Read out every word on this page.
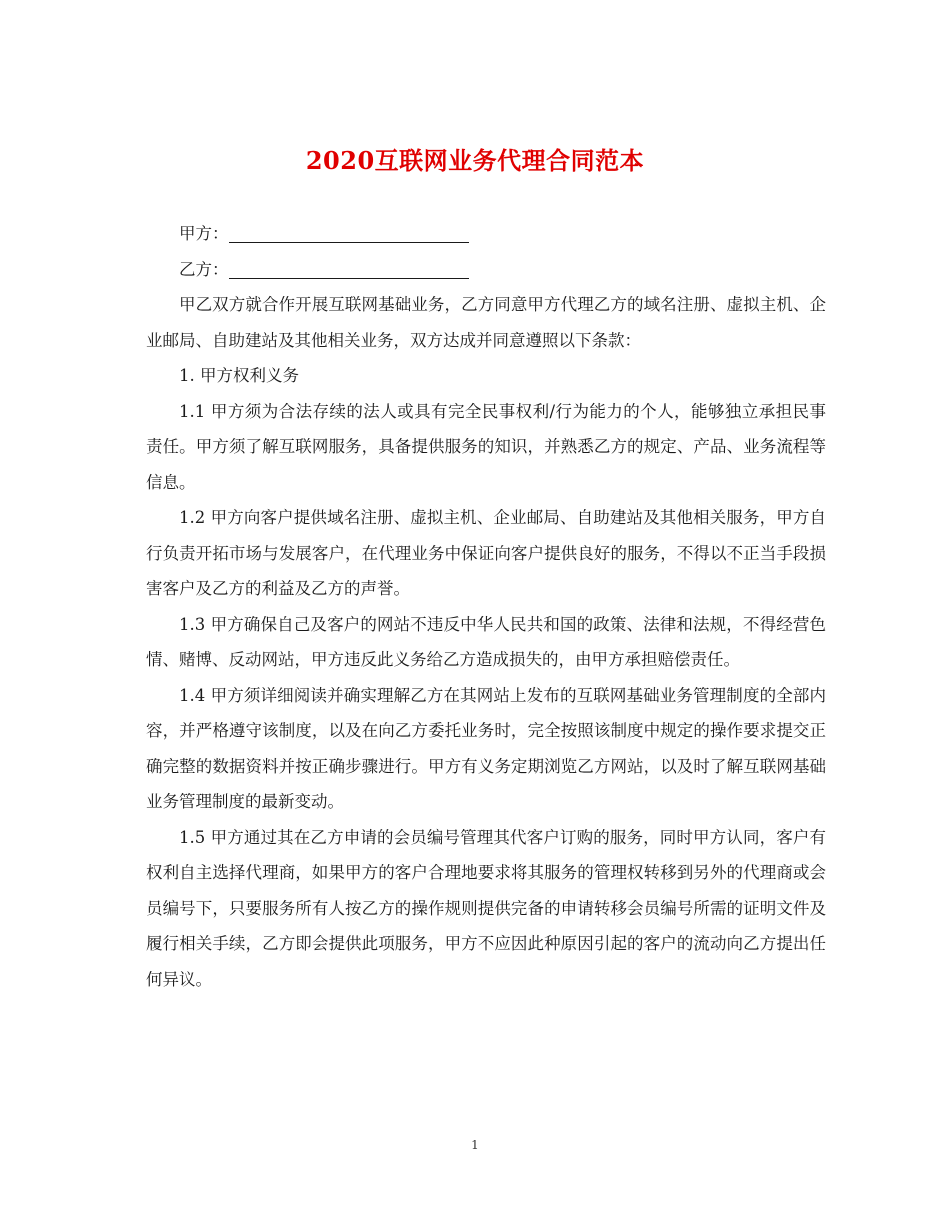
2020互联网业务代理合同范本

甲方：

乙方：

甲乙双方就合作开展互联网基础业务，乙方同意甲方代理乙方的域名注册、虚拟主机、企业邮局、自助建站及其他相关业务，双方达成并同意遵照以下条款：

1. 甲方权利义务

1.1 甲方须为合法存续的法人或具有完全民事权利/行为能力的个人，能够独立承担民事责任。甲方须了解互联网服务，具备提供服务的知识，并熟悉乙方的规定、产品、业务流程等信息。

1.2 甲方向客户提供域名注册、虚拟主机、企业邮局、自助建站及其他相关服务，甲方自行负责开拓市场与发展客户，在代理业务中保证向客户提供良好的服务，不得以不正当手段损害客户及乙方的利益及乙方的声誉。

1.3 甲方确保自己及客户的网站不违反中华人民共和国的政策、法律和法规，不得经营色情、赌博、反动网站，甲方违反此义务给乙方造成损失的，由甲方承担赔偿责任。

1.4 甲方须详细阅读并确实理解乙方在其网站上发布的互联网基础业务管理制度的全部内容，并严格遵守该制度，以及在向乙方委托业务时，完全按照该制度中规定的操作要求提交正确完整的数据资料并按正确步骤进行。甲方有义务定期浏览乙方网站，以及时了解互联网基础业务管理制度的最新变动。

1.5 甲方通过其在乙方申请的会员编号管理其代客户订购的服务，同时甲方认同，客户有权利自主选择代理商，如果甲方的客户合理地要求将其服务的管理权转移到另外的代理商或会员编号下，只要服务所有人按乙方的操作规则提供完备的申请转移会员编号所需的证明文件及履行相关手续，乙方即会提供此项服务，甲方不应因此种原因引起的客户的流动向乙方提出任何异议。

1
